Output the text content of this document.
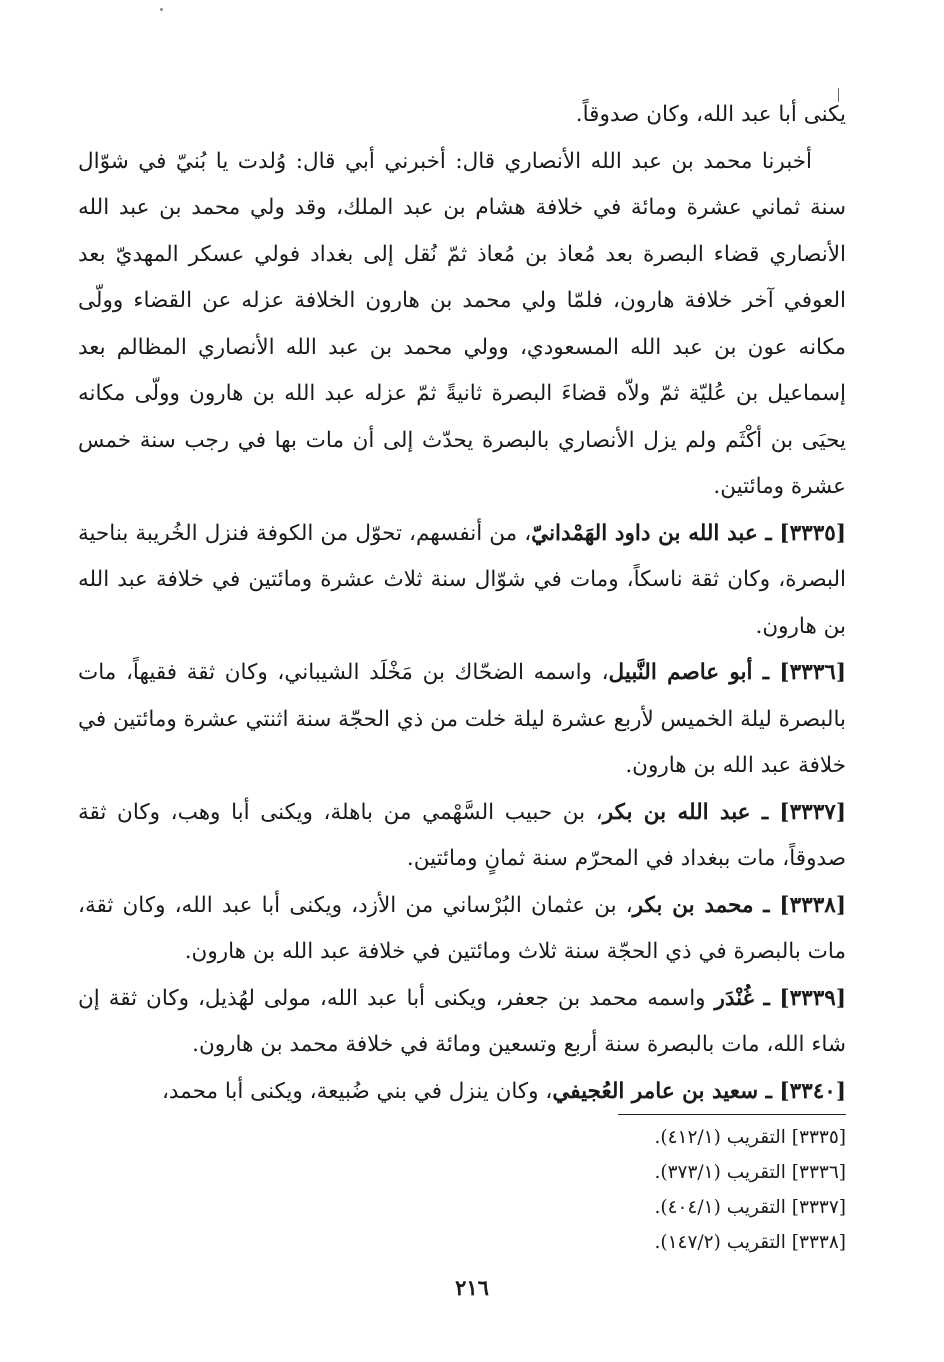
يكنى أبا عبد الله، وكان صدوقاً.

أخبرنا محمد بن عبد الله الأنصاري قال: أخبرني أبي قال: وُلدت يا بُنيّ في شوّال سنة ثماني عشرة ومائة في خلافة هشام بن عبد الملك، وقد ولي محمد بن عبد الله الأنصاري قضاء البصرة بعد مُعاذ بن مُعاذ ثمّ نُقل إلى بغداد فولي عسكر المهديّ بعد العوفي آخر خلافة هارون، فلمّا ولي محمد بن هارون الخلافة عزله عن القضاء وولّى مكانه عون بن عبد الله المسعودي، وولي محمد بن عبد الله الأنصاري المظالم بعد إسماعيل بن عُليّة ثمّ ولاّه قضاءَ البصرة ثانيةً ثمّ عزله عبد الله بن هارون وولّى مكانه يحيَى بن أكْثَم ولم يزل الأنصاري بالبصرة يحدّث إلى أن مات بها في رجب سنة خمس عشرة ومائتين.

[٣٣٣٥] ـ عبد الله بن داود الهَمْدانيّ، من أنفسهم، تحوّل من الكوفة فنزل الخُريبة بناحية البصرة، وكان ثقة ناسكاً، ومات في شوّال سنة ثلاث عشرة ومائتين في خلافة عبد الله بن هارون.

[٣٣٣٦] ـ أبو عاصم النَّبيل، واسمه الضحّاك بن مَخْلَد الشيباني، وكان ثقة فقيهاً، مات بالبصرة ليلة الخميس لأربع عشرة ليلة خلت من ذي الحجّة سنة اثنتي عشرة ومائتين في خلافة عبد الله بن هارون.

[٣٣٣٧] ـ عبد الله بن بكر، بن حبيب السَّهْمي من باهلة، ويكنى أبا وهب، وكان ثقة صدوقاً، مات ببغداد في المحرّم سنة ثمانٍ ومائتين.

[٣٣٣٨] ـ محمد بن بكر، بن عثمان البُرْساني من الأزد، ويكنى أبا عبد الله، وكان ثقة، مات بالبصرة في ذي الحجّة سنة ثلاث ومائتين في خلافة عبد الله بن هارون.

[٣٣٣٩] ـ غُنْدَر واسمه محمد بن جعفر، ويكنى أبا عبد الله، مولى لهُذيل، وكان ثقة إن شاء الله، مات بالبصرة سنة أربع وتسعين ومائة في خلافة محمد بن هارون.

[٣٣٤٠] ـ سعيد بن عامر العُجيفي، وكان ينزل في بني ضُبيعة، ويكنى أبا محمد،

[٣٣٣٥] التقريب (٤١٢/١).
[٣٣٣٦] التقريب (٣٧٣/١).
[٣٣٣٧] التقريب (٤٠٤/١).
[٣٣٣٨] التقريب (١٤٧/٢).
٢١٦
